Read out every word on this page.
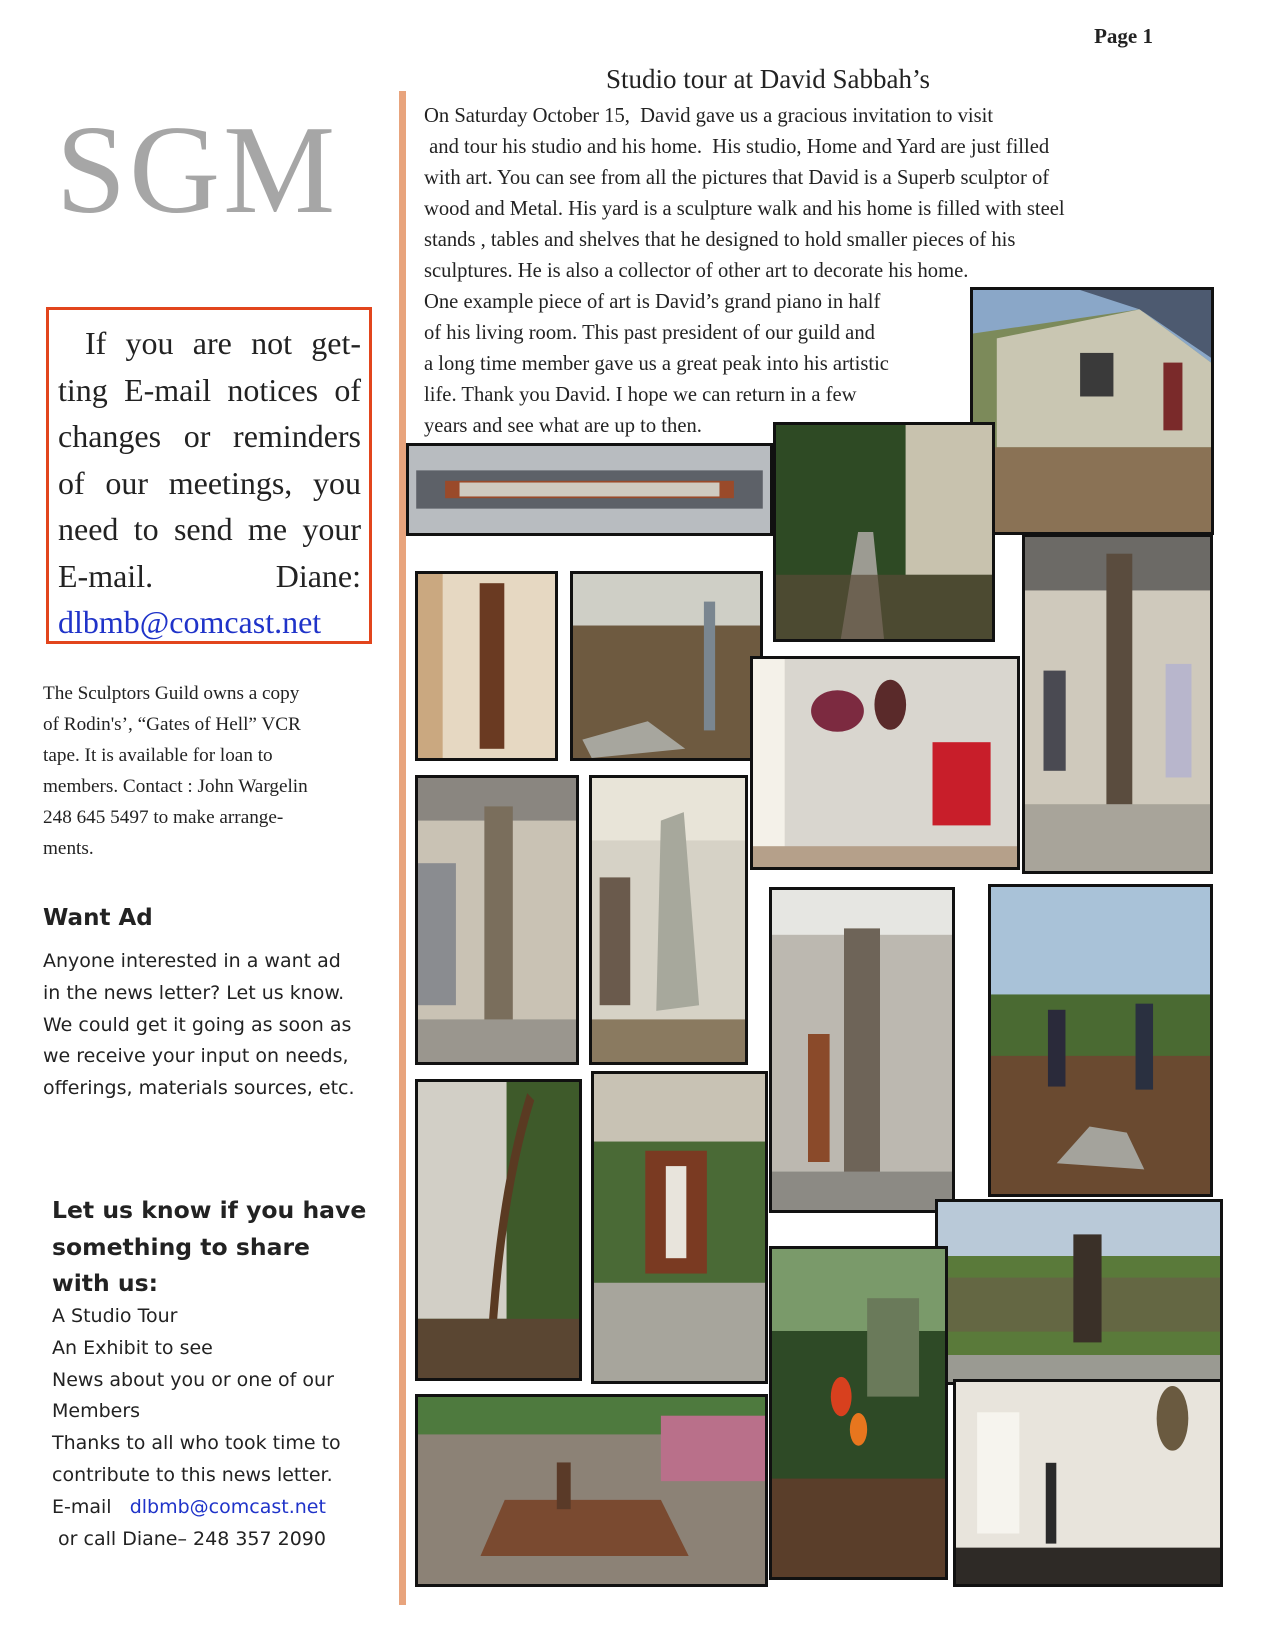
Page 1
SGM
If you are not get-ting E-mail notices of changes or reminders of our meetings, you need to send me your E-mail. Diane: dlbmb@comcast.net
The Sculptors Guild owns a copy
of Rodin's’, “Gates of Hell” VCR
tape. It is available for loan to
members. Contact : John Wargelin
248 645 5497 to make arrange-
ments.
Want Ad
Anyone interested in a want ad
in the news letter? Let us know.
We could get it going as soon as
we receive your input on needs,
offerings, materials sources, etc.
Let us know if you have
something to share
with us:
A Studio Tour
An Exhibit to see
News about you or one of our
Members
Thanks to all who took time to
contribute to this news letter.
E-mail dlbmb@comcast.net
or call Diane– 248 357 2090
Studio tour at David Sabbah’s
On Saturday October 15,  David gave us a gracious invitation to visit
and tour his studio and his home.  His studio, Home and Yard are just filled
with art. You can see from all the pictures that David is a Superb sculptor of
wood and Metal. His yard is a sculpture walk and his home is filled with steel
stands , tables and shelves that he designed to hold smaller pieces of his
sculptures. He is also a collector of other art to decorate his home.
One example piece of art is David’s grand piano in half
of his living room. This past president of our guild and
a long time member gave us a great peak into his artistic
life. Thank you David. I hope we can return in a few
years and see what are up to then.
